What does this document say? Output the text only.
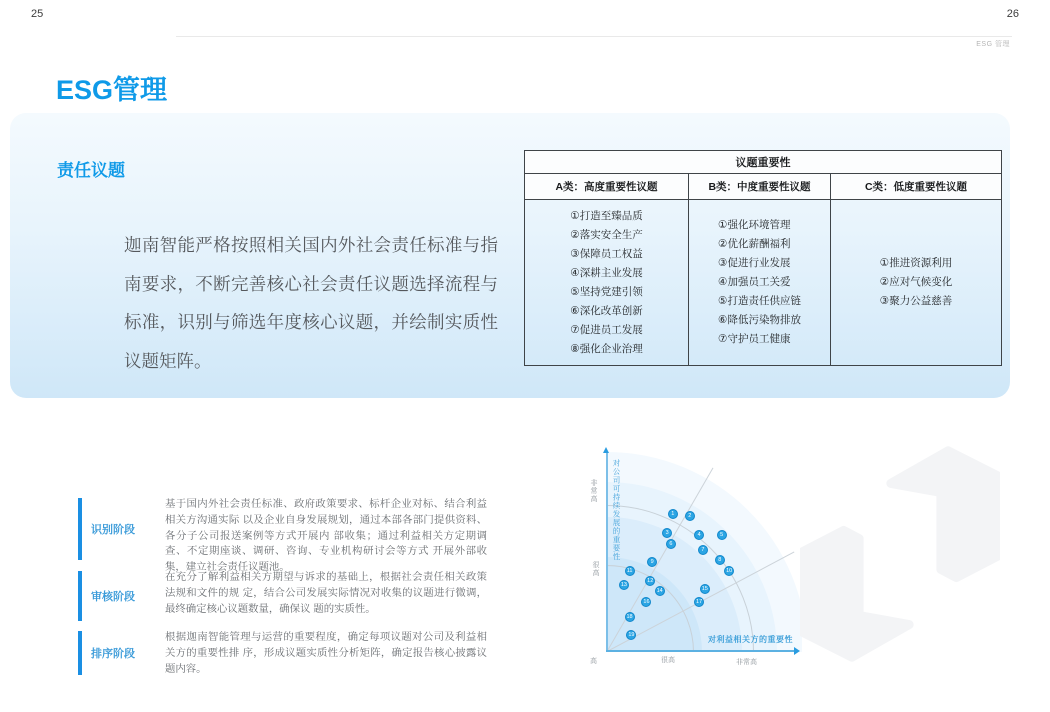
25	26
ESG 管理
ESG管理
责任议题

迦南智能严格按照相关国内外社会责任标准与指南要求，不断完善核心社会责任议题选择流程与标准，识别与筛选年度核心议题，并绘制实质性议题矩阵。

议题重要性		
A类：高度重要性议题	B类：中度重要性议题	C类：低度重要性议题

①打造至臻品质
②落实安全生产
③保障员工权益
④深耕主业发展
⑤坚持党建引领
⑥深化改革创新
⑦促进员工发展
⑧强化企业治理

①强化环境管理
②优化薪酬福利
③促进行业发展
④加强员工关爱
⑤打造责任供应链
⑥降低污染物排放
⑦守护员工健康

①推进资源利用
②应对气候变化
③聚力公益慈善
识别阶段
基于国内外社会责任标准、政府政策要求、标杆企业对标、结合利益相关方沟通实际 以及企业自身发展规划，通过本部各部门提供资料、各分子公司报送案例等方式开展内 部收集；通过利益相关方定期调查、不定期座谈、调研、咨询、专业机构研讨会等方式 开展外部收集，建立社会责任议题池。
审核阶段
在充分了解利益相关方期望与诉求的基础上，根据社会责任相关政策法规和文件的规 定，结合公司发展实际情况对收集的议题进行微调，最终确定核心议题数量，确保议 题的实质性。
排序阶段
根据迦南智能管理与运营的重要程度，确定每项议题对公司及利益相关方的重要性排 序，形成议题实质性分析矩阵，确定报告核心披露议题内容。
1	2
3	4	5
6
7
8
9
10
11
12
13
14	15
16	17
18
19
对公司可持续发展的重要性
非常高
很高
高	很高	非常高
对利益相关方的重要性
